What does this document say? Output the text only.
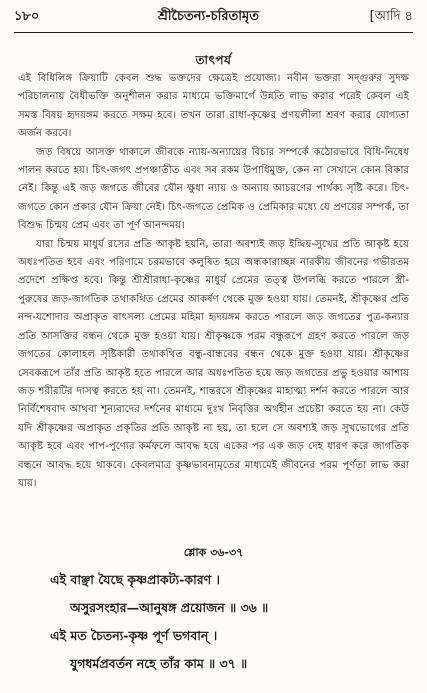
১৮০	শ্রীচৈতন্য-চরিতামৃত	[আদি ৪
তাৎপর্য

এই বিধিলিঙ্গ ক্রিয়াটি কেবল শুদ্ধ ভক্তদের ক্ষেত্রেই প্রযোজ্য। নবীন ভক্তরা সদ্গুরুর সুদক্ষ পরিচালনায় বৈধীভক্তি অনুশীলন করার মাধ্যমে ভক্তিমার্গে উন্নতি লাভ করার পরেই কেবল এই সমস্ত বিষয় হৃদয়ঙ্গম করতে সক্ষম হবে। তখন তারা রাধা-কৃষ্ণের প্রণয়লীলা শ্রবণ করার যোগ্যতা অর্জন করবে।

জড় বিষয়ে আসক্ত থাকালে জীবকে ন্যায়-অন্যায়ের বিচার সম্পর্কে কঠোরভাবে বিধি-নিষেধ পালন করতে হয়। চিৎ-জগৎ প্রপঞ্চাতীত এবং সব রকম উপাধিমুক্ত, কেন না সেখানে কোন বিকার নেই। কিন্তু এই জড় জগতে জীবের যৌন ক্ষুধা ন্যায় ও অন্যায় আচরণের পার্থক্য সৃষ্টি করে। চিৎ-জগতে কোন প্রকার যৌন ক্রিয়া নেই। চিৎ-জগতে প্রেমিক ও প্রেমিকার মধ্যে যে প্রণয়ের সম্পর্ক, তা বিশুদ্ধ চিন্ময় প্রেম এবং তা পূর্ণ আনন্দময়।

যারা চিন্ময় মাধুর্য রসের প্রতি আকৃষ্ট হয়নি, তারা অবশ্যই জড় ইন্দ্রিয়-সুখের প্রতি আকৃষ্ট হয়ে অধঃপতিত হবে এবং পরিণামে চরমভাবে কলুষিত হয়ে অন্ধকারাচ্ছন্ন নারকীয় জীবনের গভীরতম প্রদেশে প্রক্ষিপ্ত হবে। কিন্তু শ্রীশ্রীরাধা-কৃষ্ণের মাধুর্য প্রেমের তত্ত্ব উপলব্ধি করতে পারলে স্ত্রী-পুরুষের জড়-জাগতিক তথাকথিত প্রেমের আকর্ষণ থেকে মুক্ত হওয়া যায়। তেমনই, শ্রীকৃষ্ণের প্রতি নন্দ-যশোদার অপ্রাকৃত বাৎসল্য প্রেমের মহিমা হৃদয়ঙ্গম করতে পারলে জড় জগতের পুত্র-কন্যার প্রতি আসক্তির বন্ধন থেকে মুক্ত হওয়া যায়। শ্রীকৃষ্ণকে পরম বন্ধুরূপে গ্রহণ করতে পারলে জড় জগতের কোলাহল সৃষ্টিকারী তথাকথিত বন্ধু-বান্ধবের বন্ধন থেকে মুক্ত হওয়া যায়। শ্রীকৃষ্ণের সেবকরূপে তাঁর প্রতি আকৃষ্ট হতে পারলে আর অধঃপতিত হয়ে জড় জগতের প্রভু হওয়ার আশায় জড় শরীরটির দাসত্ব করতে হয় না। তেমনই, শান্তরসে শ্রীকৃষ্ণের মাহাত্ম্য দর্শন করতে পারলে আর নির্বিশেষবাদ আথবা শূন্যবাদের দর্শনের মাধ্যমে দুঃখ নিবৃত্তির অর্থহীন প্রচেষ্টা করতে হয় না। কেউ যদি শ্রীকৃষ্ণের অপ্রাকৃত প্রকৃতির প্রতি আকৃষ্ট না হয়, তা হলে সে অবশ্যই জড় সুখভোগের প্রতি আকৃষ্ট হবে এবং পাপ-পুণ্যের কর্মফলে আবদ্ধ হয়ে একের পর এক জড় দেহ ধারণ করে জাগতিক বন্ধনে আবদ্ধ হয়ে থাকবে। কেবলমাত্র কৃষ্ণভাবনামৃতের মাধ্যমেই জীবনের পরম পূর্ণতা লাভ করা যায়।

শ্লোক ৩৬-৩৭
এই বাঞ্ছা যৈছে কৃষ্ণপ্রাকট্য-কারণ ।
অসুরসংহার—আনুষঙ্গ প্রয়োজন ॥ ৩৬ ॥
এই মত চৈতন্য-কৃষ্ণ পূর্ণ ভগবান্ ।
যুগধর্মপ্রবর্তন নহে তাঁর কাম ॥ ৩৭ ॥
